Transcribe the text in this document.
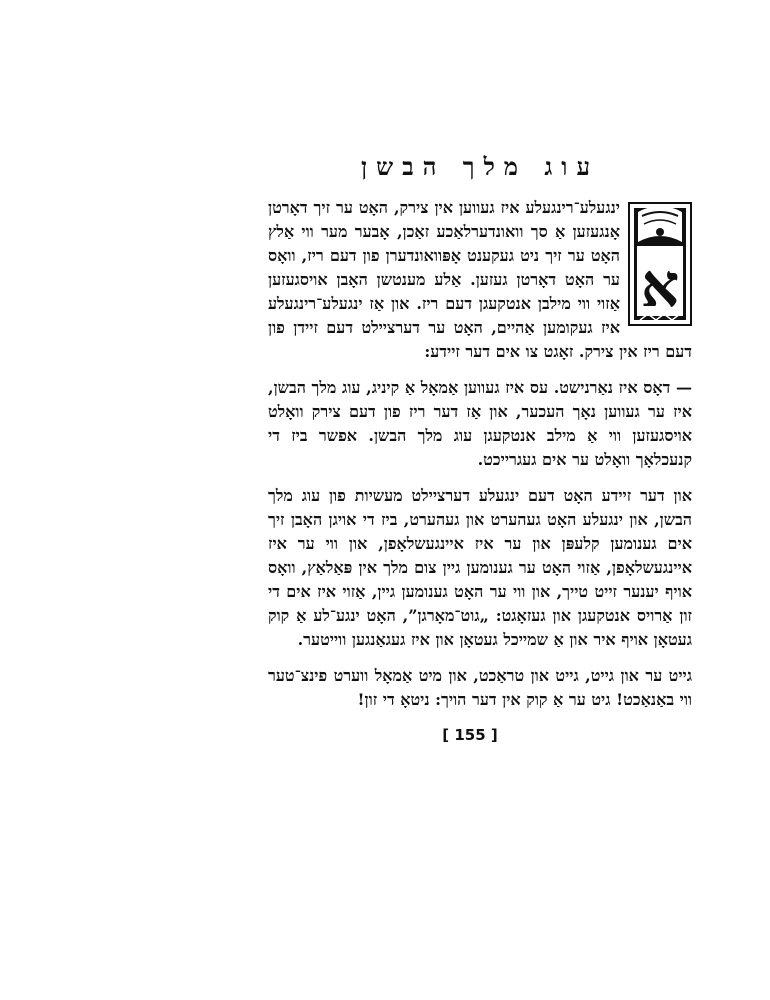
עוג מלך הבשן
א

ינגעלע־רינגעלע איז געווען אין צירק, האָט ער זיך דאָרטן אָנגעזען אַ סך וואונדערלאַכע זאַכן, אָבער מער ווי אַלץ האָט ער זיך ניט געקענט אָפּוואונדערן פון דעם ריז, וואָס ער האָט דאָרטן געזען. אַלע מענטשן האָבן אויסגעזען אַזוי ווי מילבן אנטקעגן דעם ריז. און אַז ינגעלע־רינגעלע איז געקומען אַהיים, האָט ער דערציילט דעם זיידן פון דעם ריז אין צירק. זאָגט צו אים דער זיידע:

— דאָס איז נאַרנישט. עס איז געווען אַמאָל אַ קיניג, עוג מלך הבשן, איז ער געווען נאָך העכער, און אַז דער ריז פון דעם צירק וואָלט אויסגעזען ווי אַ מילב אנטקעגן עוג מלך הבשן. אפשר ביז די קנעכלאָך וואָלט ער אים געגרייכט.

און דער זיידע האָט דעם ינגעלע דערציילט מעשיות פון עוג מלך הבשן, און ינגעלע האָט געהערט און געהערט, ביז די אויגן האָבן זיך אים גענומען קלעפּן און ער איז איינגעשלאָפן, און ווי ער איז איינגעשלאָפן, אַזוי האָט ער גענומען גיין צום מלך אין פּאַלאַץ, וואָס אויף יענער זייט טייך, און ווי ער האָט גענומען גיין, אַזוי איז אים די זון אַרויס אנטקעגן און געזאָגט: „גוט־מאָרגן”, האָט ינגע־לע אַ קוק געטאָן אויף איר און אַ שמייכל געטאָן און איז געגאַנגען ווייטער.

גייט ער און גייט, גייט און טראַכט, און מיט אַמאָל ווערט פינצ־טער ווי באַנאַכט! גיט ער אַ קוק אין דער הויך: ניטאָ די זון!

[ 155 ]
